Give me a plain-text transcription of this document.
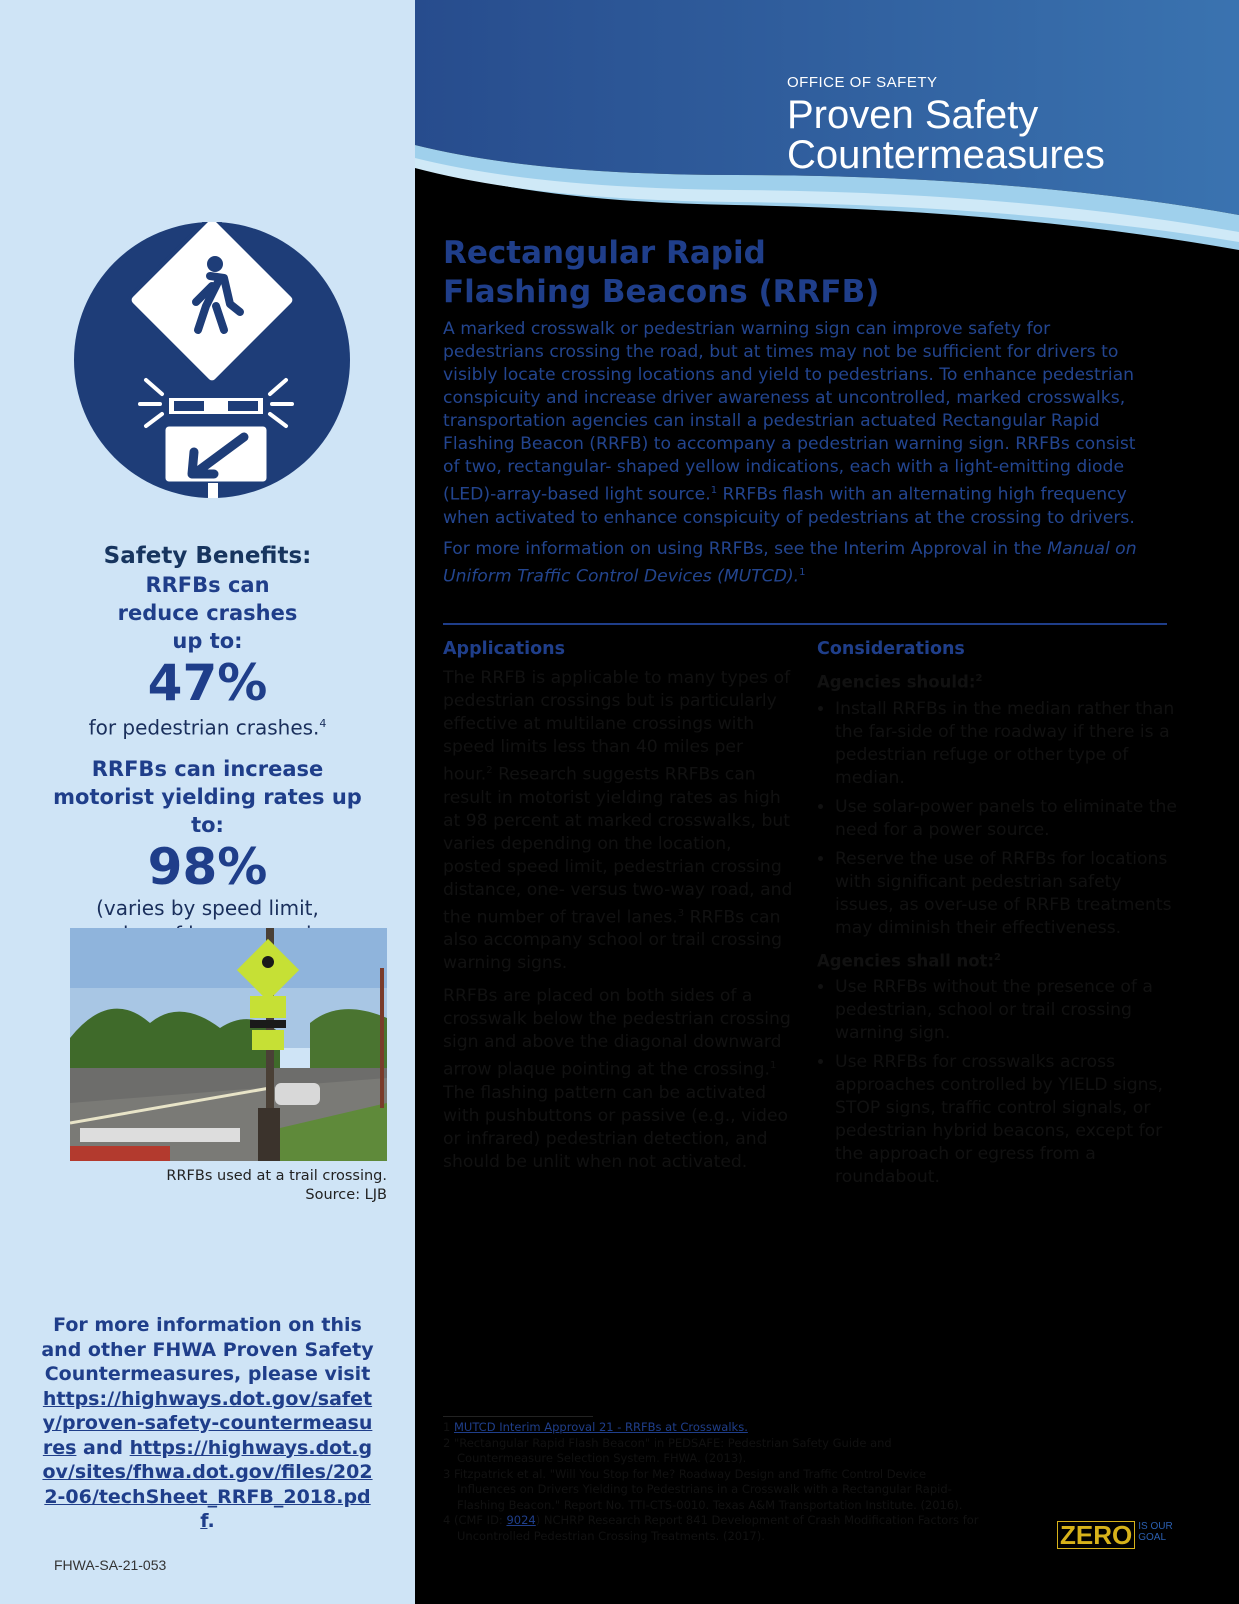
Safety Benefits:
RRFBs can reduce crashes up to:
47%
for pedestrian crashes.$^4$
RRFBs can increase motorist yielding rates up to:
98%
(varies by speed limit,
RRFBs used at a trail crossing.
Source: LJB
For more information on this and other FHWA Proven Safety Countermeasures, please visit https://highways.dot.gov/safety/proven-safety-countermeasures and https://highways.dot.gov/sites/fhwa.dot.gov/files/2022-06/techSheet_RRFB_2018.pdf.
FHWA-SA-21-053
OFFICE OF SAFETY
Proven Safety
Countermeasures
Rectangular Rapid
Flashing Beacons (RRFB)

A marked crosswalk or pedestrian warning sign can improve safety for pedestrians crossing the road, but at times may not be sufficient for drivers to visibly locate crossing locations and yield to pedestrians. To enhance pedestrian conspicuity and increase driver awareness at uncontrolled, marked crosswalks, transportation agencies can install a pedestrian actuated Rectangular Rapid Flashing Beacon (RRFB) to accompany a pedestrian warning sign. RRFBs consist of two, rectangular- shaped yellow indications, each with a light-emitting diode (LED)-array-based light source.$^1$ RRFBs flash with an alternating high frequency when activated to enhance conspicuity of pedestrians at the crossing to drivers.

For more information on using RRFBs, see the Interim Approval in the Manual on Uniform Traffic Control Devices (MUTCD).$^1$

Applications

The RRFB is applicable to many types of pedestrian crossings but is particularly effective at multilane crossings with speed limits less than 40 miles per hour.$^2$ Research suggests RRFBs can result in motorist yielding rates as high at 98 percent at marked crosswalks, but varies depending on the location, posted speed limit, pedestrian crossing distance, one- versus two-way road, and the number of travel lanes.$^3$ RRFBs can also accompany school or trail crossing warning signs.

RRFBs are placed on both sides of a crosswalk below the pedestrian crossing sign and above the diagonal downward arrow plaque pointing at the crossing.$^1$ The flashing pattern can be activated with pushbuttons or passive (e.g., video or infrared) pedestrian detection, and should be unlit when not activated.

Considerations
Agencies should:$^2$
• Install RRFBs in the median rather than the far-side of the roadway if there is a pedestrian refuge or other type of median.
• Use solar-power panels to eliminate the need for a power source.
• Reserve the use of RRFBs for locations with significant pedestrian safety issues, as over-use of RRFB treatments may diminish their effectiveness.
Agencies shall not:$^2$
• Use RRFBs without the presence of a pedestrian, school or trail crossing warning sign.
• Use RRFBs for crosswalks across approaches controlled by YIELD signs, STOP signs, traffic control signals, or pedestrian hybrid beacons, except for the approach or egress from a roundabout.
1 MUTCD Interim Approval 21 - RRFBs at Crosswalks.
2 "Rectangular Rapid Flash Beacon" in PEDSAFE: Pedestrian Safety Guide and Countermeasure Selection System. FHWA. (2013).
3 Fitzpatrick et al. "Will You Stop for Me? Roadway Design and Traffic Control Device Influences on Drivers Yielding to Pedestrians in a Crosswalk with a Rectangular Rapid-Flashing Beacon." Report No. TTI-CTS-0010. Texas A&M Transportation Institute. (2016).
4 (CMF ID: 9024) NCHRP Research Report 841 Development of Crash Modification Factors for Uncontrolled Pedestrian Crossing Treatments. (2017).	ZERO IS OUR
GOAL
